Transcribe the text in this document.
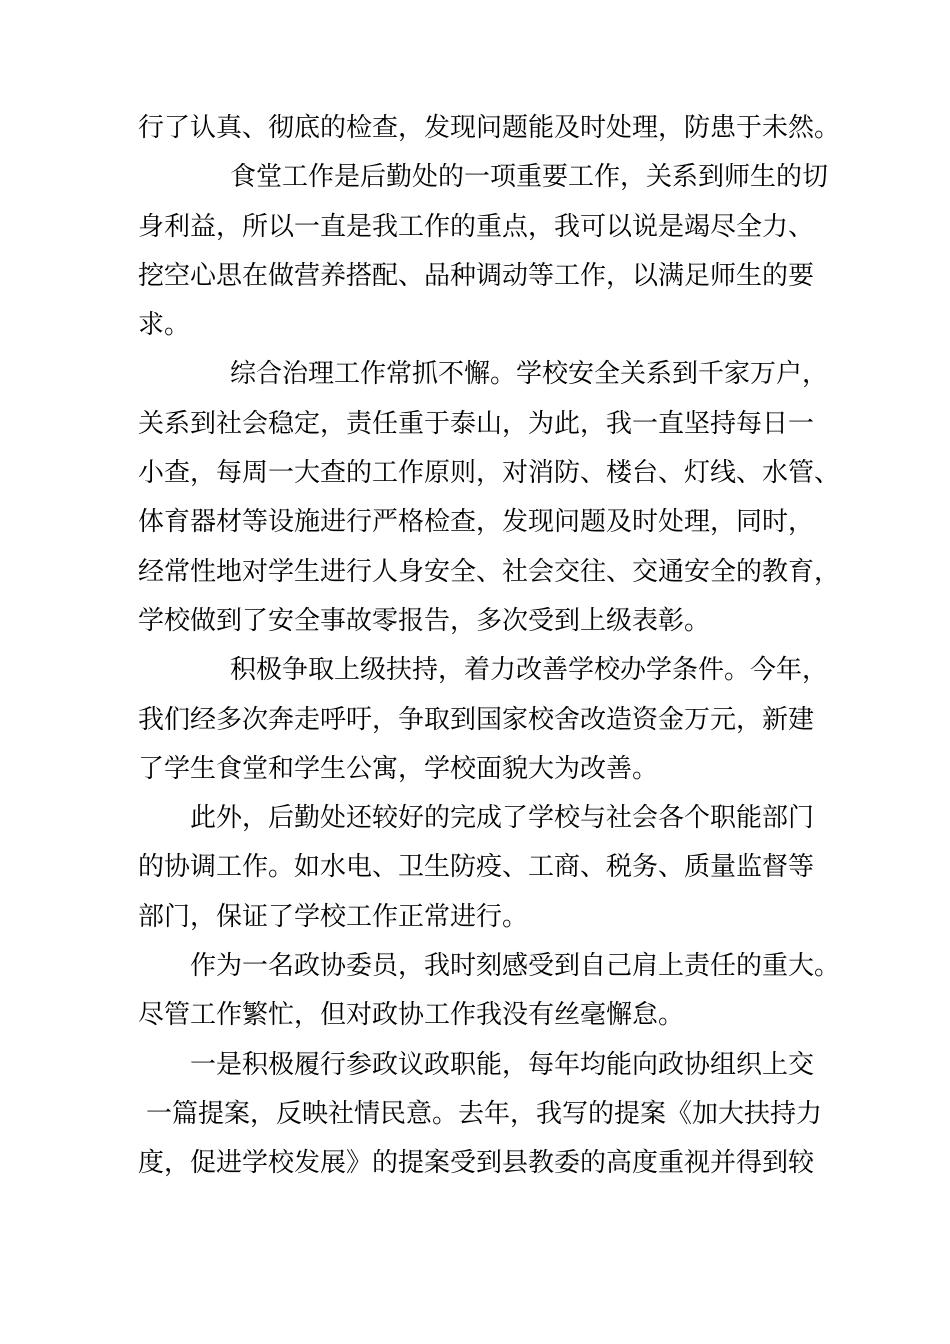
行了认真、彻底的检查，发现问题能及时处理，防患于未然。
食堂工作是后勤处的一项重要工作，关系到师生的切
身利益，所以一直是我工作的重点，我可以说是竭尽全力、
挖空心思在做营养搭配、品种调动等工作，以满足师生的要
求。
综合治理工作常抓不懈。学校安全关系到千家万户，
关系到社会稳定，责任重于泰山，为此，我一直坚持每日一
小查，每周一大查的工作原则，对消防、楼台、灯线、水管、
体育器材等设施进行严格检查，发现问题及时处理，同时，
经常性地对学生进行人身安全、社会交往、交通安全的教育，
学校做到了安全事故零报告，多次受到上级表彰。
积极争取上级扶持，着力改善学校办学条件。今年，
我们经多次奔走呼吁，争取到国家校舍改造资金万元，新建
了学生食堂和学生公寓，学校面貌大为改善。
此外，后勤处还较好的完成了学校与社会各个职能部门
的协调工作。如水电、卫生防疫、工商、税务、质量监督等
部门，保证了学校工作正常进行。
作为一名政协委员，我时刻感受到自己肩上责任的重大。
尽管工作繁忙，但对政协工作我没有丝毫懈怠。
一是积极履行参政议政职能，每年均能向政协组织上交
一篇提案，反映社情民意。去年，我写的提案《加大扶持力
度，促进学校发展》的提案受到县教委的高度重视并得到较
